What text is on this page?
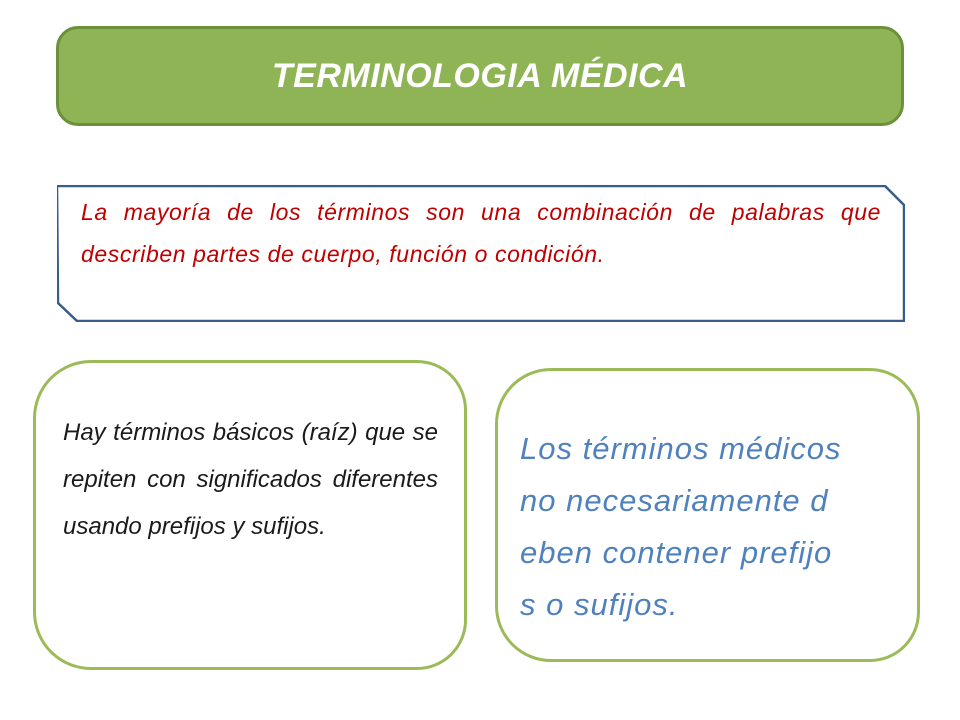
TERMINOLOGIA MÉDICA
La mayoría de los términos son una combinación de palabras que describen partes de cuerpo, función o condición.
Hay términos básicos (raíz) que se repiten con significados diferentes usando prefijos y sufijos.
Los términos médicos
no necesariamente d
eben contener prefijo
s o sufijos.
